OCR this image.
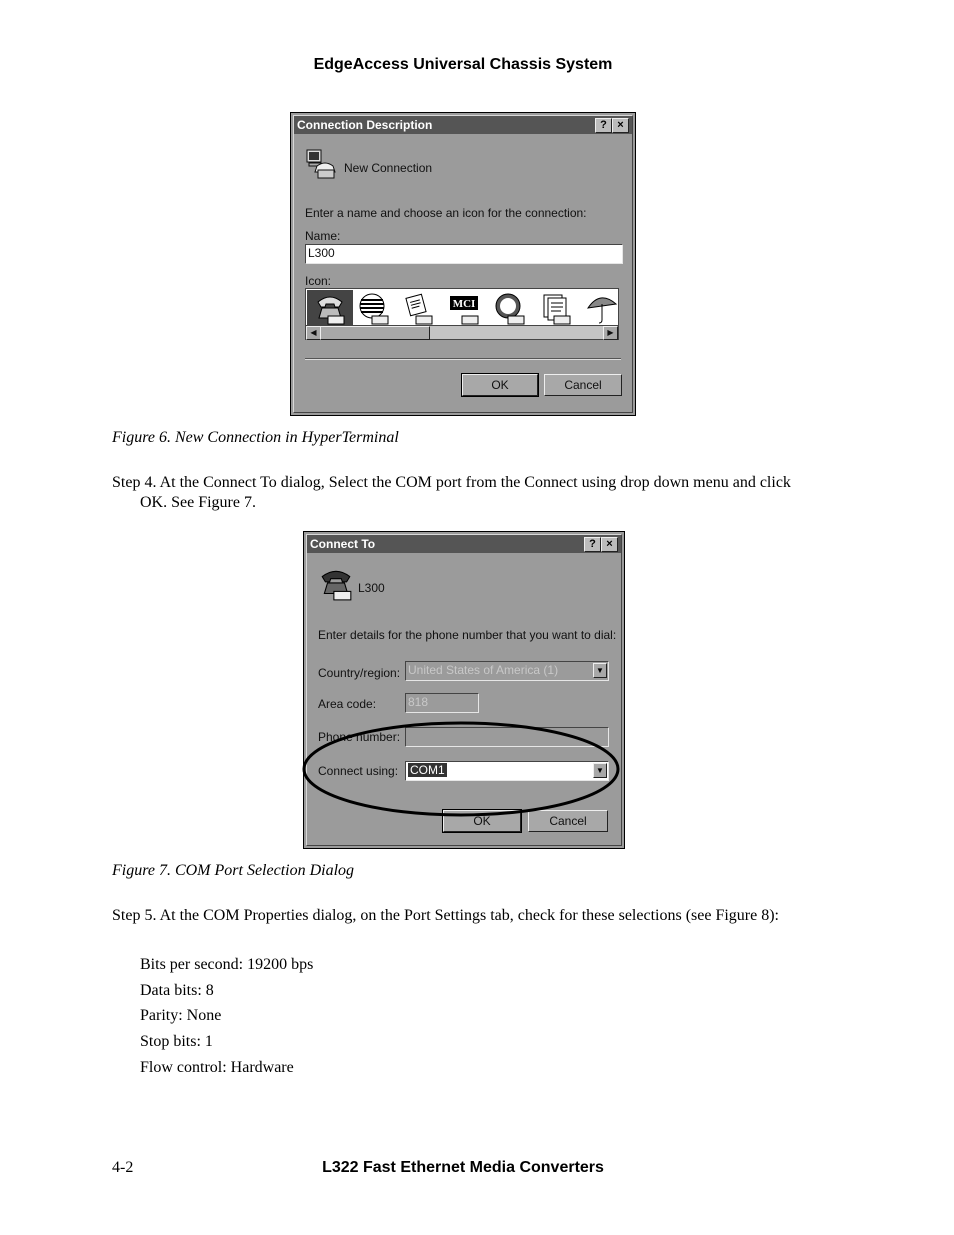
EdgeAccess Universal Chassis System
Connection Description	? ×
New Connection
Enter a name and choose an icon for the connection:
Name:
L300
Icon:
MCI
◀	▶
OK	Cancel
Figure 6. New Connection in HyperTerminal
Step 4. At the Connect To dialog, Select the COM port from the Connect using drop down menu and click OK. See Figure 7.
Connect To	? ×
L300
Enter details for the phone number that you want to dial:
Country/region: United States of America (1)	▼
Area code:	818
Phone number:
Connect using: COM1	▼
OK	Cancel
Figure 7. COM Port Selection Dialog
Step 5. At the COM Properties dialog, on the Port Settings tab, check for these selections (see Figure 8):
Bits per second: 19200 bps
Data bits: 8
Parity: None
Stop bits: 1
Flow control: Hardware
4-2	L322 Fast Ethernet Media Converters
